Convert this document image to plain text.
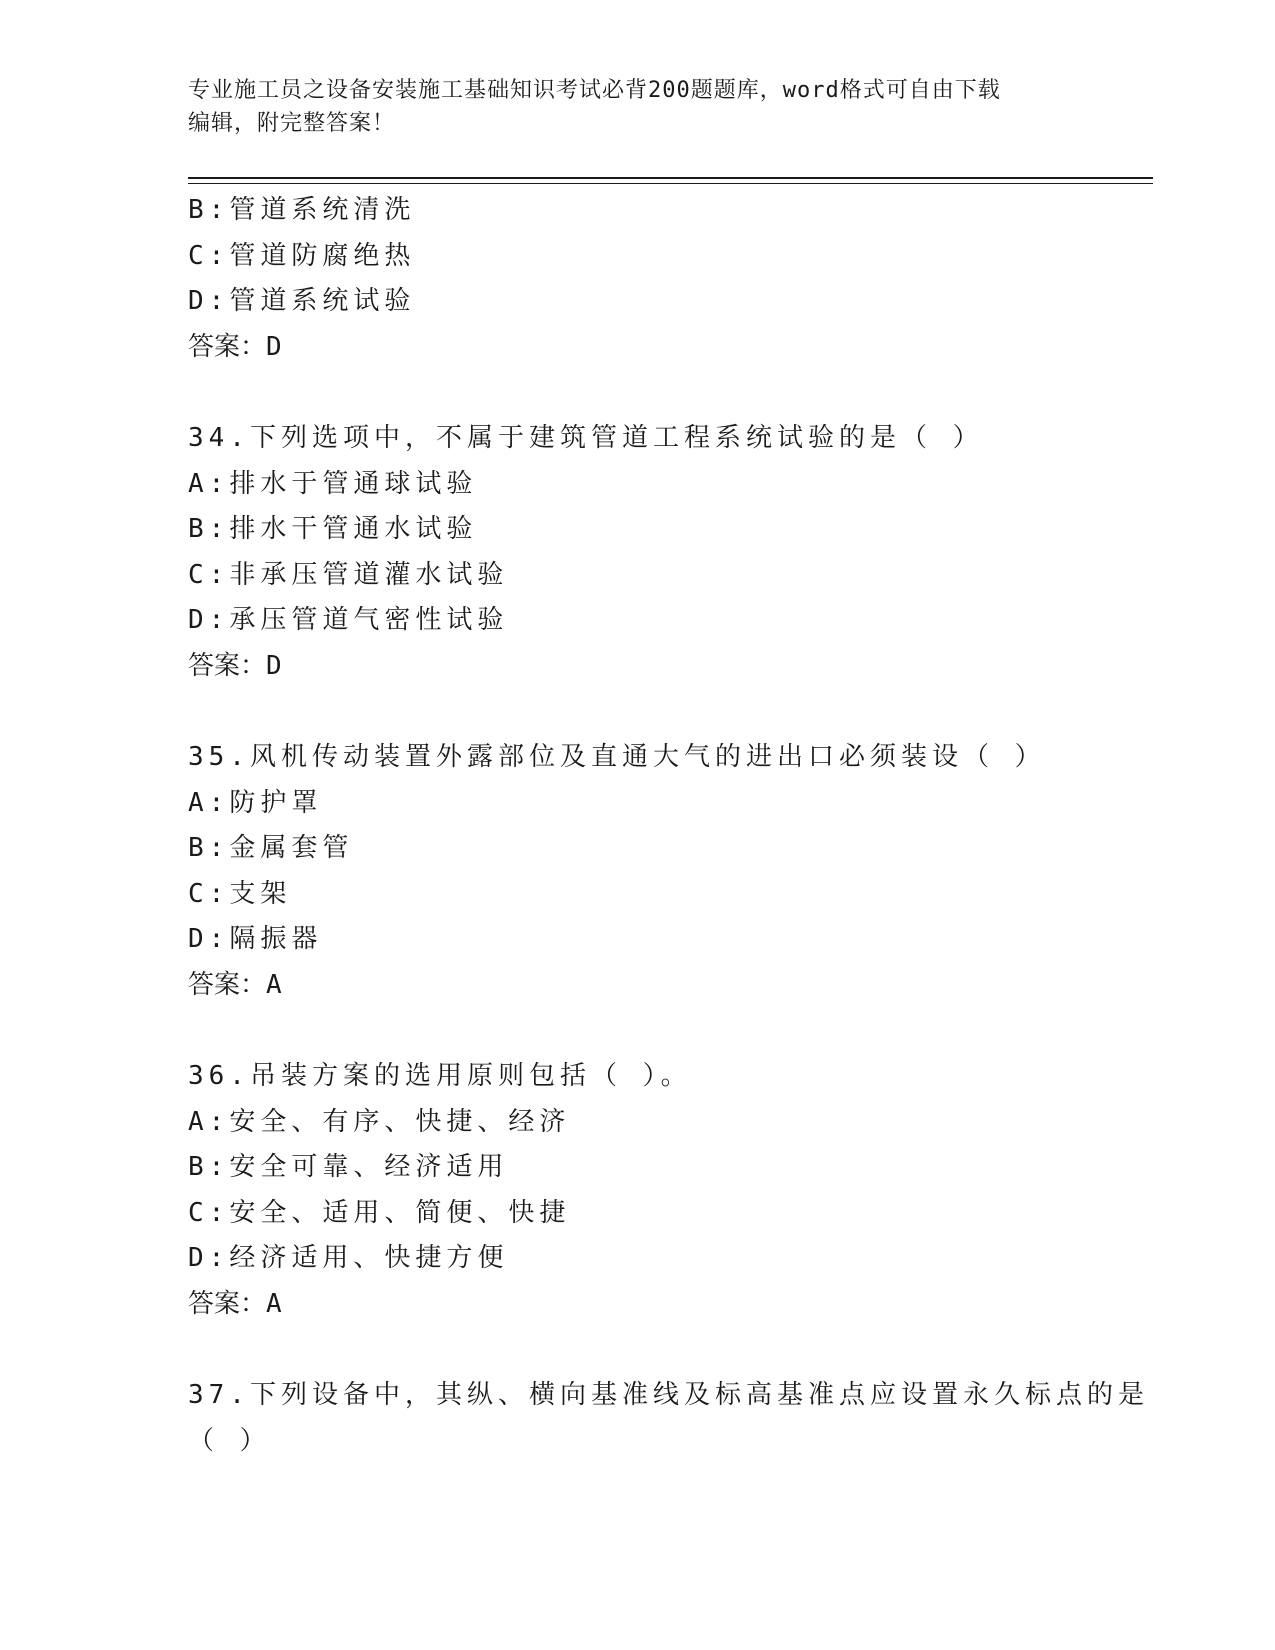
专业施工员之设备安装施工基础知识考试必背200题题库，word格式可自由下载
编辑，附完整答案！
B:管道系统清洗
C:管道防腐绝热
D:管道系统试验
答案：D
34.下列选项中，不属于建筑管道工程系统试验的是（ ）
A:排水于管通球试验
B:排水干管通水试验
C:非承压管道灌水试验
D:承压管道气密性试验
答案：D
35.风机传动装置外露部位及直通大气的进出口必须装设（ ）
A:防护罩
B:金属套管
C:支架
D:隔振器
答案：A
36.吊装方案的选用原则包括（ ）。
A:安全、有序、快捷、经济
B:安全可靠、经济适用
C:安全、适用、简便、快捷
D:经济适用、快捷方便
答案：A
37.下列设备中，其纵、横向基准线及标高基准点应设置永久标点的是
（ ）
